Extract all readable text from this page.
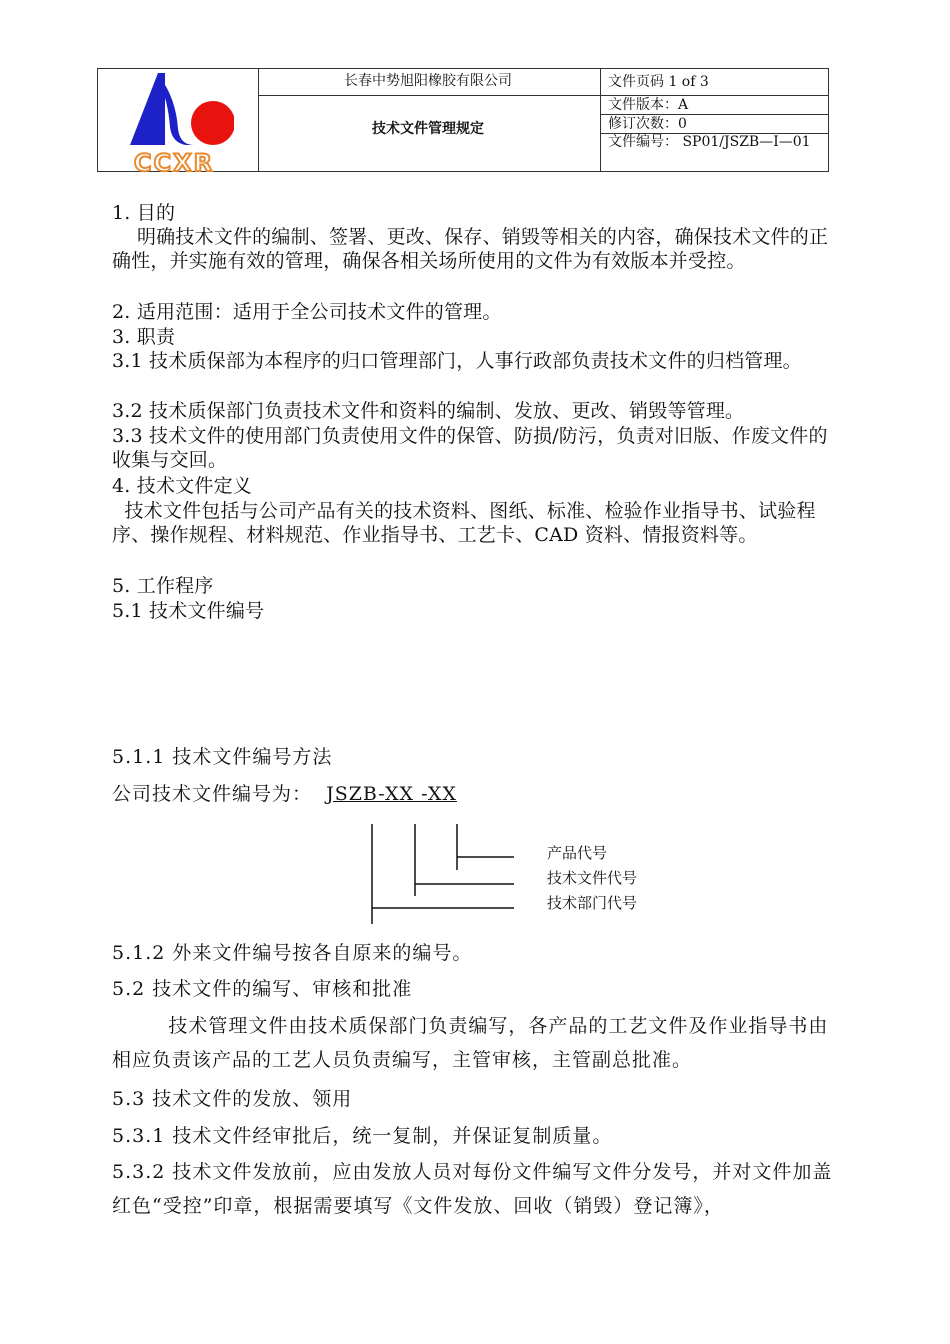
CCXR
长春中势旭阳橡胶有限公司
技术文件管理规定
文件页码 1 of 3
文件版本：A
修订次数：0
文件编号： SP01/JSZB—I—01
1. 目的
明确技术文件的编制、签署、更改、保存、销毁等相关的内容，确保技术文件的正确性，并实施有效的管理，确保各相关场所使用的文件为有效版本并受控。
2. 适用范围：适用于全公司技术文件的管理。
3. 职责
3.1 技术质保部为本程序的归口管理部门，人事行政部负责技术文件的归档管理。
3.2 技术质保部门负责技术文件和资料的编制、发放、更改、销毁等管理。
3.3 技术文件的使用部门负责使用文件的保管、防损/防污，负责对旧版、作废文件的收集与交回。
4. 技术文件定义
技术文件包括与公司产品有关的技术资料、图纸、标准、检验作业指导书、试验程序、操作规程、材料规范、作业指导书、工艺卡、CAD 资料、情报资料等。
5. 工作程序
5.1 技术文件编号
5.1.1 技术文件编号方法
公司技术文件编号为：  JSZB-XX -XX
产品代号
技术文件代号
技术部门代号
5.1.2 外来文件编号按各自原来的编号。
5.2 技术文件的编写、审核和批准
技术管理文件由技术质保部门负责编写，各产品的工艺文件及作业指导书由相应负责该产品的工艺人员负责编写，主管审核，主管副总批准。
5.3 技术文件的发放、领用
5.3.1 技术文件经审批后，统一复制，并保证复制质量。
5.3.2 技术文件发放前，应由发放人员对每份文件编写文件分发号，并对文件加盖红色“受控”印章，根据需要填写《文件发放、回收（销毁）登记簿》，
